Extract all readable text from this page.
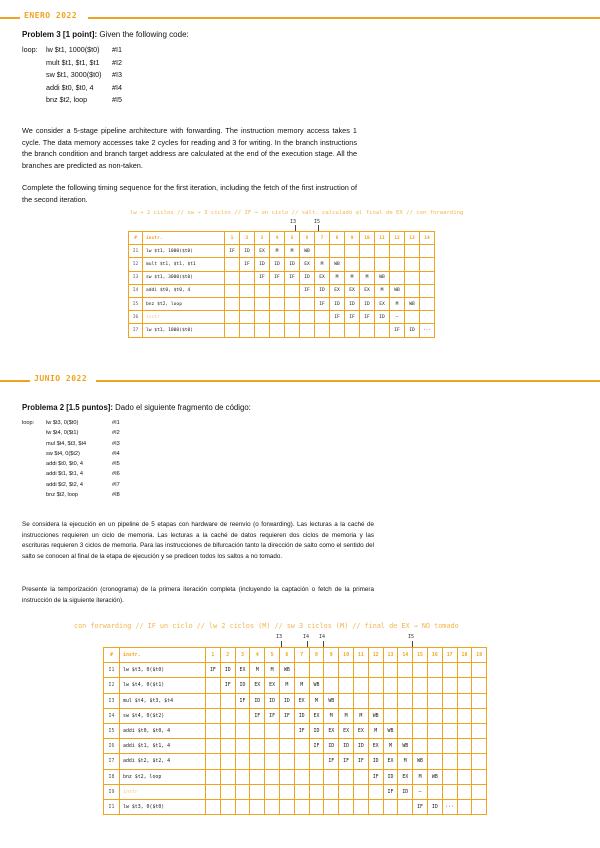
ENERO 2022
Problem 3 [1 point]: Given the following code:
loop:	lw $t1, 1000($t0)	#I1
mult $t1, $t1, $t1	#I2
sw $t1, 3000($t0)	#I3
addi $t0, $t0, 4	#I4
bnz $t2, loop	#I5
We consider a 5-stage pipeline architecture with forwarding. The instruction memory access takes 1 cycle. The data memory accesses take 2 cycles for reading and 3 for writing. In the branch instructions the branch condition and branch target address are calculated at the end of the execution stage. All the branches are predicted as non-taken.
Complete the following timing sequence for the first iteration, including the fetch of the first instruction of the second iteration.
lw → 2 ciclos // sw → 3 ciclos // IF → un ciclo // salt. calculado al final de EX // con forwarding
I3	I5
#	instr.	1	2	3	4	5	6	7	8	9	10	11	12	13	14
I1	lw $t1, 1000($t0)	IF	ID	EX	M	M	WB								
I2	mult $t1, $t1, $t1		IF	ID	ID	ID	EX	M	WB						
I3	sw $t1, 3000($t0)			IF	IF	IF	ID	EX	M	M	M	WB			
I4	addi $t0, $t0, 4						IF	ID	EX	EX	EX	M	WB		
I5	bnz $t2, loop							IF	ID	ID	ID	EX	M	WB	
I6	instr								IF	IF	IF	ID	—		
I7	lw $t1, 1000($t0)												IF	ID	···
JUNIO 2022
Problema 2 [1.5 puntos]: Dado el siguiente fragmento de código:
loop:	lw $t3, 0($t0)	#I1
lw $t4, 0($t1)	#I2
mul $t4, $t3, $t4	#I3
sw $t4, 0($t2)	#I4
addi $t0, $t0, 4	#I5
addi $t1, $t1, 4	#I6
addi $t2, $t2, 4	#I7
bnz $t2, loop	#I8
Se considera la ejecución en un pipeline de 5 etapas con hardware de reenvío (o forwarding). Las lecturas a la caché de instrucciones requieren un ciclo de memoria. Las lecturas a la caché de datos requieren dos ciclos de memoria y las escrituras requieren 3 ciclos de memoria. Para las instrucciones de bifurcación tanto la dirección de salto como el sentido del salto se conocen al final de la etapa de ejecución y se predicen todos los saltos a no tomado.
Presente la temporización (cronograma) de la primera iteración completa (incluyendo la captación o fetch de la primera instrucción de la siguiente iteración).
con forwarding // IF un ciclo // lw 2 ciclos (M) // sw 3 ciclos (M) // final de EX → NO tomado
I3	I4 I4	I5
#	instr.	1	2	3	4	5	6	7	8	9	10	11	12	13	14	15	16	17	18	19
I1	lw $t3, 0($t0)	IF	ID	EX	M	M	WB													
I2	lw $t4, 0($t1)		IF	ID	EX	EX	M	M	WB											
I3	mul $t4, $t3, $t4			IF	ID	ID	ID	EX	M	WB										
I4	sw $t4, 0($t2)				IF	IF	IF	ID	EX	M	M	M	WB							
I5	addi $t0, $t0, 4							IF	ID	EX	EX	EX	M	WB						
I6	addi $t1, $t1, 4								IF	ID	ID	ID	EX	M	WB					
I7	addi $t2, $t2, 4									IF	IF	IF	ID	EX	M	WB				
I8	bnz $t2, loop												IF	ID	EX	M	WB			
I9	instr													IF	ID	—				
I1	lw $t3, 0($t0)															IF	ID	···		
